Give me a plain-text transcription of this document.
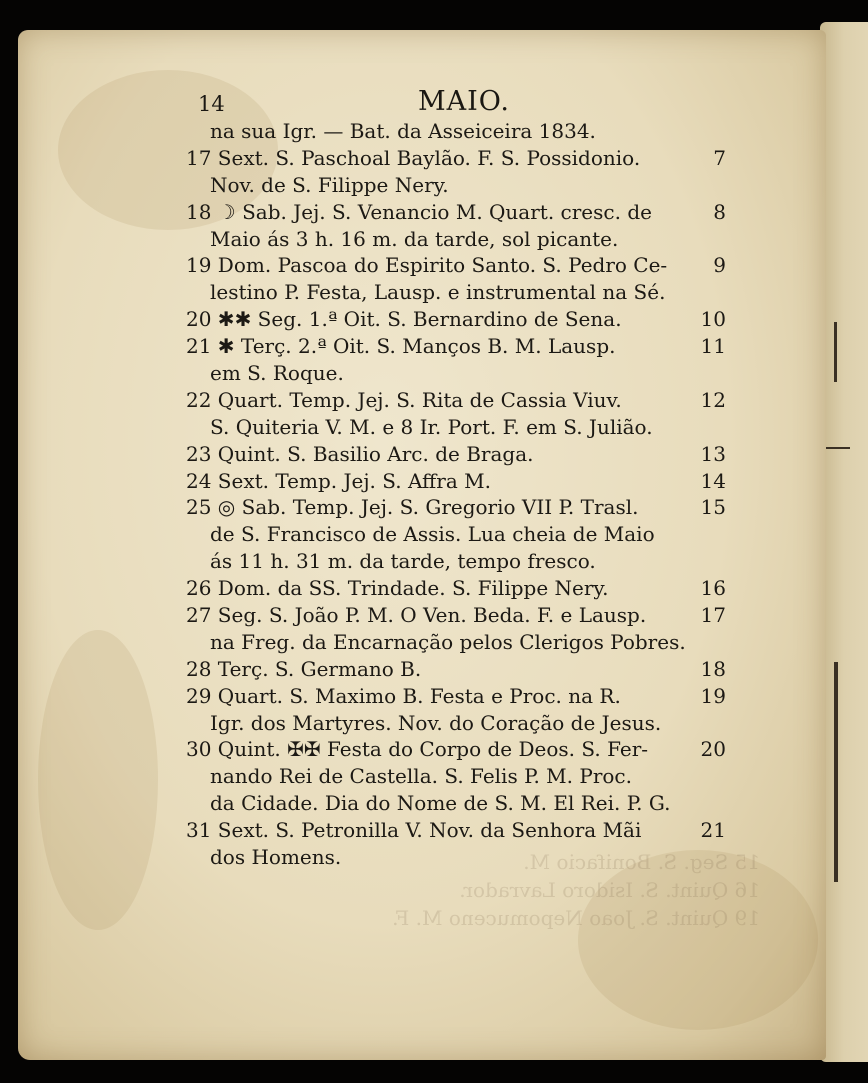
15 Seg. S. Bonifacio M.
16 Quint. S. Isidoro Lavrador.
19 Quint. S. Joao Nepomuceno M. F.
14	MAIO.
na sua Igr. — Bat. da Asseiceira 1834.
17 Sext. S. Paschoal Baylão. F. S. Possidonio.	7
Nov. de S. Filippe Nery.
18 ☽ Sab. Jej. S. Venancio M. Quart. cresc. de	8
Maio ás 3 h. 16 m. da tarde, sol picante.
19 Dom. Pascoa do Espirito Santo. S. Pedro Ce- 9
lestino P. Festa, Lausp. e instrumental na Sé.
20 ✱✱ Seg. 1.ª Oit. S. Bernardino de Sena.	10
21 ✱ Terç. 2.ª Oit. S. Manços B. M. Lausp.	11
em S. Roque.
22 Quart. Temp. Jej. S. Rita de Cassia Viuv.	12
S. Quiteria V. M. e 8 Ir. Port. F. em S. Julião.
23 Quint. S. Basilio Arc. de Braga.	13
24 Sext. Temp. Jej. S. Affra M.	14
25 ◎ Sab. Temp. Jej. S. Gregorio VII P. Trasl.	15
de S. Francisco de Assis. Lua cheia de Maio
ás 11 h. 31 m. da tarde, tempo fresco.
26 Dom. da SS. Trindade. S. Filippe Nery.	16
27 Seg. S. João P. M. O Ven. Beda. F. e Lausp.	17
na Freg. da Encarnação pelos Clerigos Pobres.
28 Terç. S. Germano B.	18
29 Quart. S. Maximo B. Festa e Proc. na R.	19
Igr. dos Martyres. Nov. do Coração de Jesus.
30 Quint. ✠✠ Festa do Corpo de Deos. S. Fer-	20
nando Rei de Castella. S. Felis P. M. Proc.
da Cidade. Dia do Nome de S. M. El Rei. P. G.
31 Sext. S. Petronilla V. Nov. da Senhora Mãi	21
dos Homens.
